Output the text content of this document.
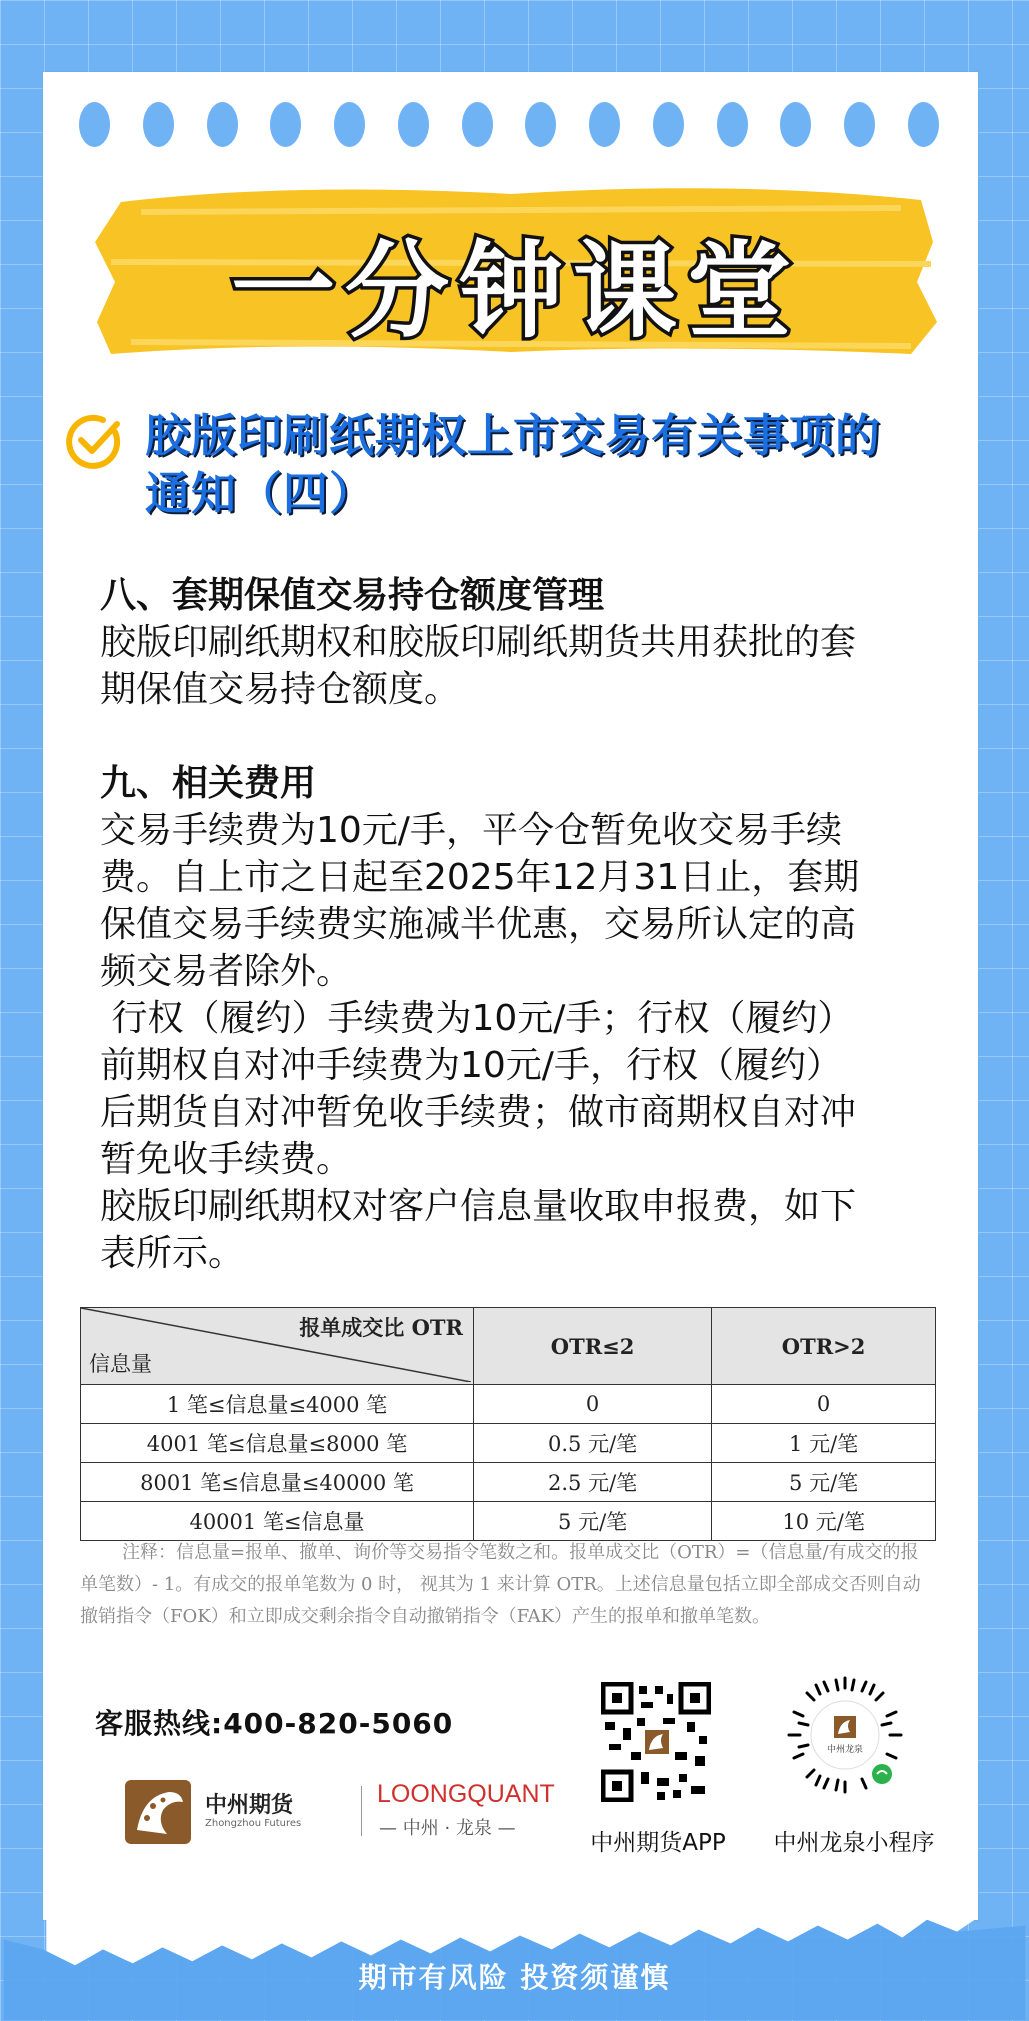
一分钟课堂
胶版印刷纸期权上市交易有关事项的
通知（四）
八、套期保值交易持仓额度管理

胶版印刷纸期权和胶版印刷纸期货共用获批的套

期保值交易持仓额度。

九、相关费用

交易手续费为10元/手，平今仓暂免收交易手续

费。自上市之日起至2025年12月31日止，套期

保值交易手续费实施减半优惠，交易所认定的高

频交易者除外。

行权（履约）手续费为10元/手；行权（履约）

前期权自对冲手续费为10元/手，行权（履约）

后期货自对冲暂免收手续费；做市商期权自对冲

暂免收手续费。

胶版印刷纸期权对客户信息量收取申报费，如下

表所示。

报单成交比 OTR
信息量	OTR≤2	OTR>2
1 笔≤信息量≤4000 笔	0	0
4001 笔≤信息量≤8000 笔	0.5 元/笔	1 元/笔
8001 笔≤信息量≤40000 笔	2.5 元/笔	5 元/笔
40001 笔≤信息量	5 元/笔	10 元/笔
注释：信息量=报单、撤单、询价等交易指令笔数之和。报单成交比（OTR）=（信息量/有成交的报单笔数）- 1。有成交的报单笔数为 0 时， 视其为 1 来计算 OTR。上述信息量包括立即全部成交否则自动撤销指令（FOK）和立即成交剩余指令自动撤销指令（FAK）产生的报单和撤单笔数。
客服热线:400-820-5060
中州期货
Zhongzhou Futures
LOONGQUANT
— 中州 · 龙泉 —
中州期货APP
中州龙泉
中州龙泉小程序
期市有风险 投资须谨慎
